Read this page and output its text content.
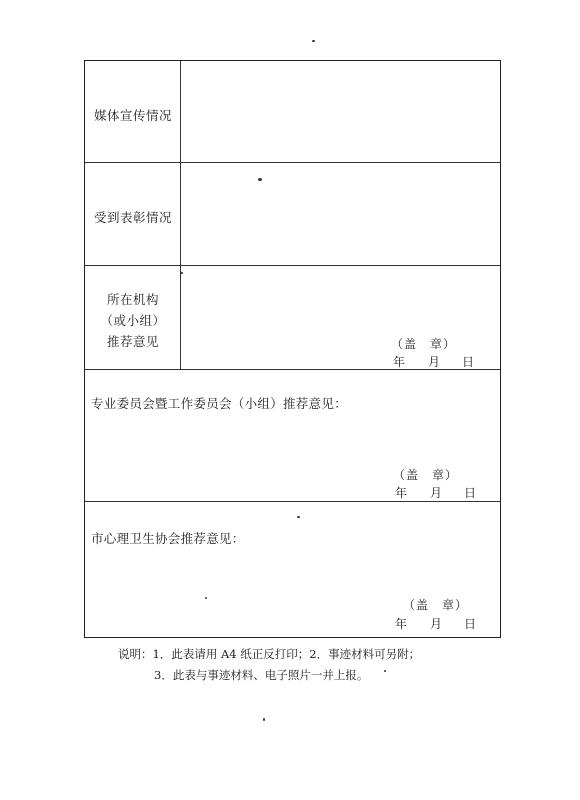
媒体宣传情况
受到表彰情况
所在机构
（或小组）
推荐意见	（盖　章）
年 月 日
专业委员会暨工作委员会（小组）推荐意见：
（盖　章）
年 月 日
市心理卫生协会推荐意见：
（盖　章）
年 月 日
说明：1．此表请用 A4 纸正反打印；2．事迹材料可另附；
3．此表与事迹材料、电子照片一并上报。
